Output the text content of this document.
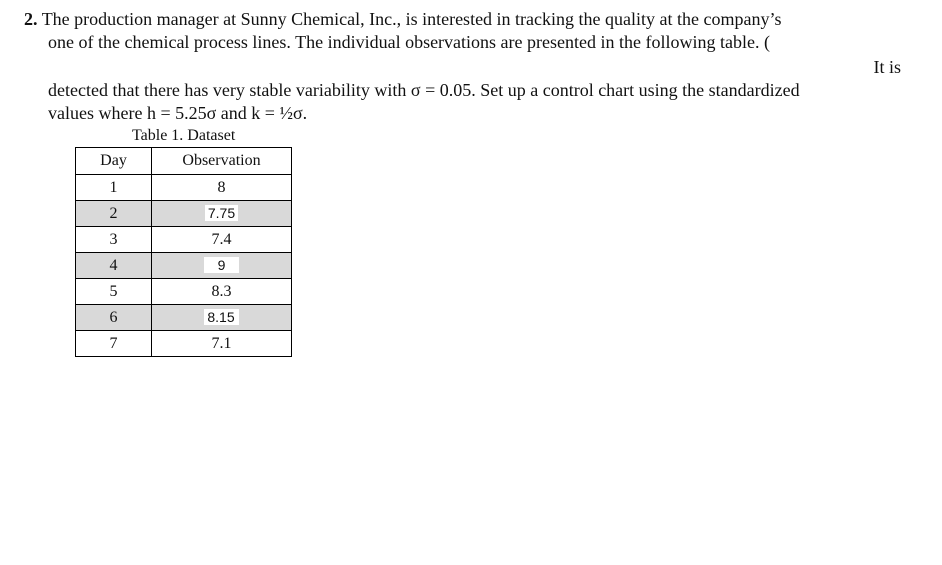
2. The production manager at Sunny Chemical, Inc., is interested in tracking the quality at the company’s
one of the chemical process lines. The individual observations are presented in the following table. (
It is
detected that there has very stable variability with σ = 0.05. Set up a control chart using the standardized
values where h = 5.25σ and k = ½σ.
Table 1. Dataset
Day	Observation
1	8
2	7.75
3	7.4
4	9
5	8.3
6	8.15
7	7.1
